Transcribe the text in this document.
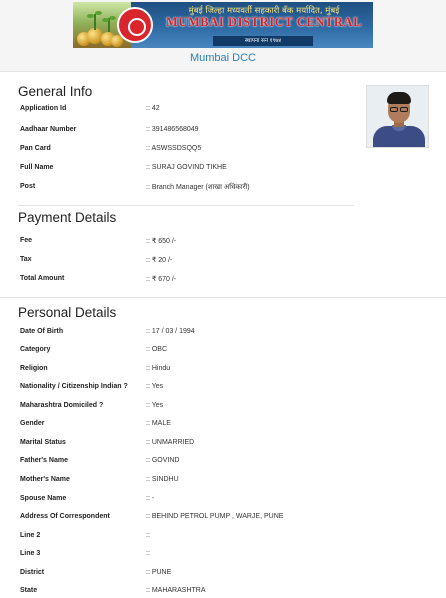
मुंबई जिल्हा मध्यवर्ती सहकारी बँक मर्यादित, मुंबई
MUMBAI DISTRICT CENTRAL
स्थापना सन १९७४
Mumbai DCC
General Info
Application Id	:: 42
Aadhaar Number	:: 391486568049
Pan Card	:: ASWSSDSQQ5
Full Name	:: SURAJ GOVIND TIKHE
Post	:: Branch Manager (शाखा अधिकारी)
Payment Details
Fee	:: ₹ 650 /-
Tax	:: ₹ 20 /-
Total Amount	:: ₹ 670 /-
Personal Details
Date Of Birth	:: 17 / 03 / 1994
Category	:: OBC
Religion	:: Hindu
Nationality / Citizenship Indian ?	:: Yes
Maharashtra Domiciled ?	:: Yes
Gender	:: MALE
Marital Status	:: UNMARRIED
Father's Name	:: GOVIND
Mother's Name	:: SINDHU
Spouse Name	:: -
Address Of Correspondent	:: BEHIND PETROL PUMP , WARJE, PUNE
Line 2	::
Line 3	::
District	:: PUNE
State	:: MAHARASHTRA
